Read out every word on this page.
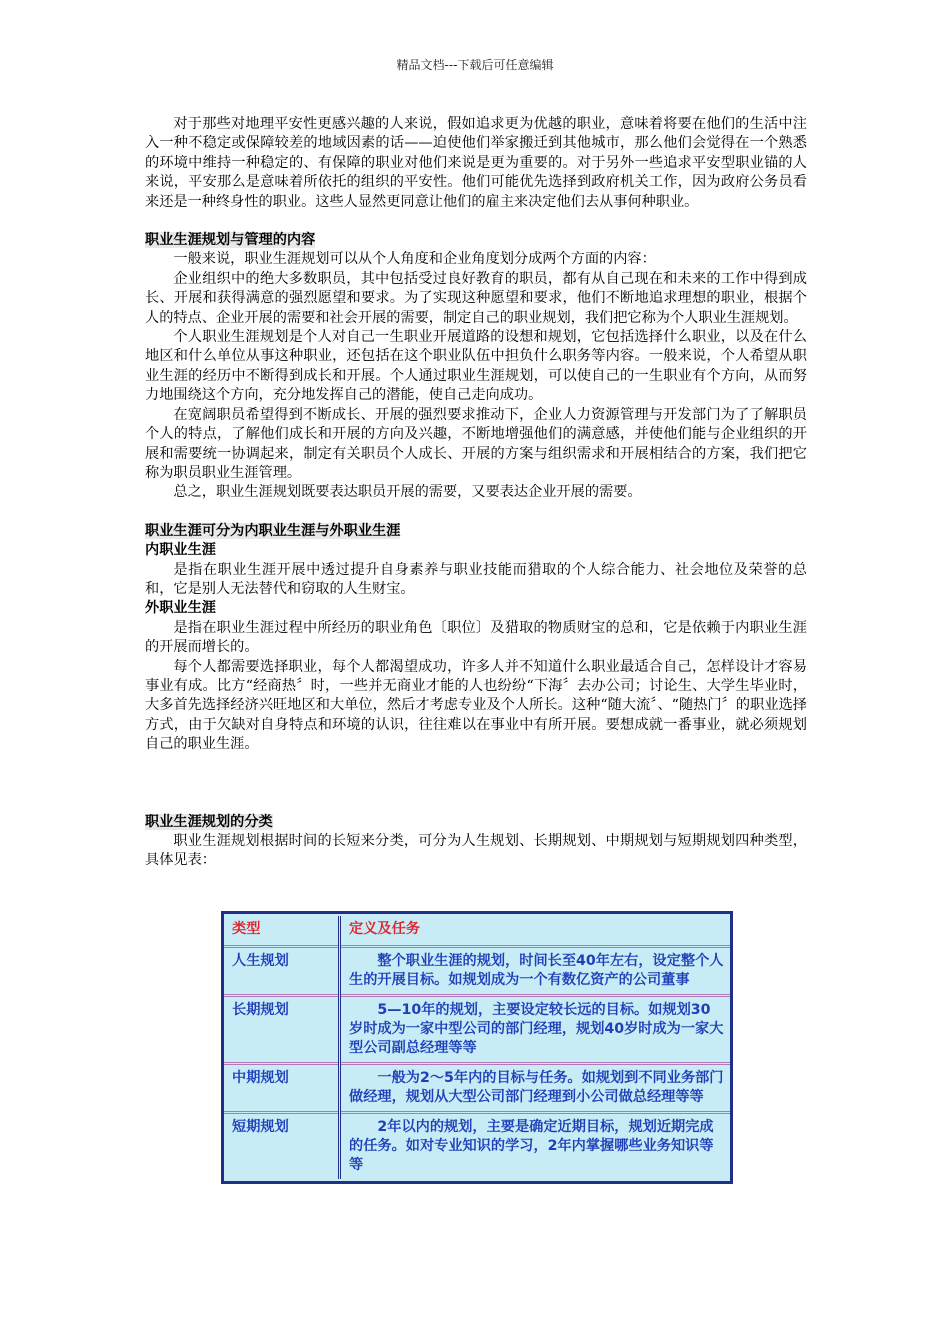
精品文档---下载后可任意编辑

对于那些对地理平安性更感兴趣的人来说，假如追求更为优越的职业，意味着将要在他们的生活中注入一种不稳定或保障较差的地域因素的话——迫使他们举家搬迁到其他城市，那么他们会觉得在一个熟悉的环境中维持一种稳定的、有保障的职业对他们来说是更为重要的。对于另外一些追求平安型职业锚的人来说，平安那么是意味着所依托的组织的平安性。他们可能优先选择到政府机关工作，因为政府公务员看来还是一种终身性的职业。这些人显然更同意让他们的雇主来决定他们去从事何种职业。

职业生涯规划与管理的内容

一般来说，职业生涯规划可以从个人角度和企业角度划分成两个方面的内容：

企业组织中的绝大多数职员，其中包括受过良好教育的职员，都有从自己现在和未来的工作中得到成长、开展和获得满意的强烈愿望和要求。为了实现这种愿望和要求，他们不断地追求理想的职业，根据个人的特点、企业开展的需要和社会开展的需要，制定自己的职业规划，我们把它称为个人职业生涯规划。

个人职业生涯规划是个人对自己一生职业开展道路的设想和规划，它包括选择什么职业，以及在什么地区和什么单位从事这种职业，还包括在这个职业队伍中担负什么职务等内容。一般来说，个人希望从职业生涯的经历中不断得到成长和开展。个人通过职业生涯规划，可以使自己的一生职业有个方向，从而努力地围绕这个方向，充分地发挥自己的潜能，使自己走向成功。

在宽阔职员希望得到不断成长、开展的强烈要求推动下，企业人力资源管理与开发部门为了了解职员个人的特点，了解他们成长和开展的方向及兴趣，不断地增强他们的满意感，并使他们能与企业组织的开展和需要统一协调起来，制定有关职员个人成长、开展的方案与组织需求和开展相结合的方案，我们把它称为职员职业生涯管理。

总之，职业生涯规划既要表达职员开展的需要，又要表达企业开展的需要。

职业生涯可分为内职业生涯与外职业生涯

内职业生涯

是指在职业生涯开展中透过提升自身素养与职业技能而猎取的个人综合能力、社会地位及荣誉的总和，它是别人无法替代和窃取的人生财宝。

外职业生涯

是指在职业生涯过程中所经历的职业角色〔职位〕及猎取的物质财宝的总和，它是依赖于内职业生涯的开展而增长的。

每个人都需要选择职业，每个人都渴望成功，许多人并不知道什么职业最适合自己，怎样设计才容易事业有成。比方“经商热〞时，一些并无商业才能的人也纷纷“下海〞去办公司；讨论生、大学生毕业时，大多首先选择经济兴旺地区和大单位，然后才考虑专业及个人所长。这种“随大流〞、“随热门〞的职业选择方式，由于欠缺对自身特点和环境的认识，往往难以在事业中有所开展。要想成就一番事业，就必须规划自己的职业生涯。

职业生涯规划的分类

职业生涯规划根据时间的长短来分类，可分为人生规划、长期规划、中期规划与短期规划四种类型，具体见表：

类型	定义及任务
人生规划	整个职业生涯的规划，时间长至40年左右，设定整个人生的开展目标。如规划成为一个有数亿资产的公司董事

长期规划	5—10年的规划，主要设定较长远的目标。如规划30岁时成为一家中型公司的部门经理，规划40岁时成为一家大型公司副总经理等等

中期规划	一般为2～5年内的目标与任务。如规划到不同业务部门做经理，规划从大型公司部门经理到小公司做总经理等等

短期规划	2年以内的规划，主要是确定近期目标，规划近期完成的任务。如对专业知识的学习，2年内掌握哪些业务知识等等
